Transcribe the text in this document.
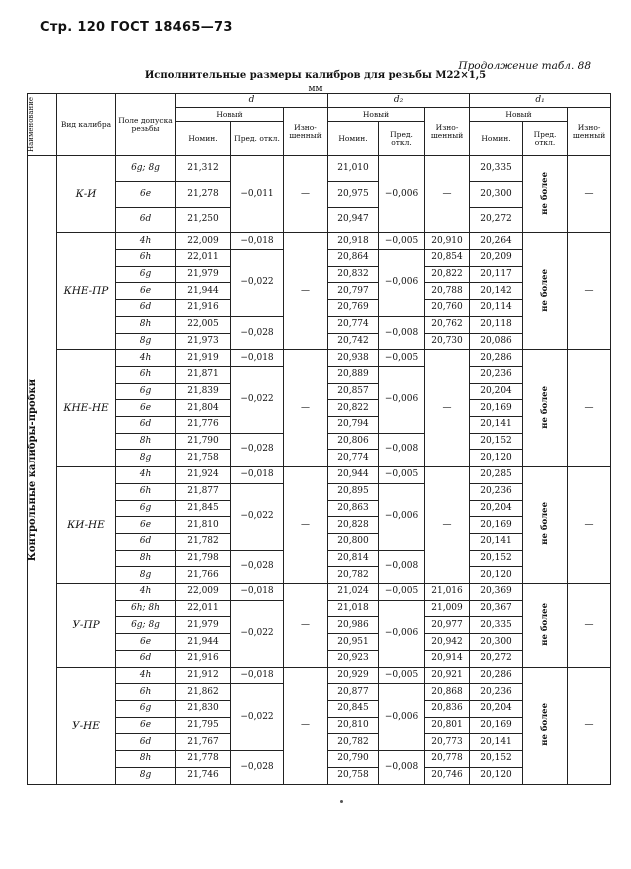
Стр. 120 ГОСТ 18465—73
Продолжение табл. 88
Исполнительные размеры калибров для резьбы М22×1,5
мм
Наименование	Вид калибра	Поле допуска резьбы	d			d₂			d₁		
			Новый		Изно- шенный	Новый		Изно- шенный	Новый		Изно- шенный
			Номин.	Пред. откл.		Номин.	Пред. откл.		Номин.	Пред. откл.	

Контрольные калибры-пробки	К-И	6g; 8g	21,312	−0,011	—	21,010	−0,006	—	20,335	не более	—
		6e	21,278			20,975			20,300		
		6d	21,250			20,947			20,272		
	КНЕ-ПР	4h	22,009	−0,018	—	20,918	−0,005	20,910	20,264	не более	—
		6h	22,011	−0,022		20,864	−0,006	20,854	20,209		
		6g	21,979			20,832		20,822	20,117		
		6e	21,944			20,797		20,788	20,142		
		6d	21,916			20,769		20,760	20,114		
		8h	22,005	−0,028		20,774	−0,008	20,762	20,118		
		8g	21,973			20,742		20,730	20,086		
	КНЕ-НЕ	4h	21,919	−0,018	—	20,938	−0,005	—	20,286	не более	—
		6h	21,871	−0,022		20,889	−0,006		20,236		
		6g	21,839			20,857			20,204		
		6e	21,804			20,822			20,169		
		6d	21,776			20,794			20,141		
		8h	21,790	−0,028		20,806	−0,008		20,152		
		8g	21,758			20,774			20,120		
	КИ-НЕ	4h	21,924	−0,018	—	20,944	−0,005	—	20,285	не более	—
		6h	21,877	−0,022		20,895	−0,006		20,236		
		6g	21,845			20,863			20,204		
		6e	21,810			20,828			20,169		
		6d	21,782			20,800			20,141		
		8h	21,798	−0,028		20,814	−0,008		20,152		
		8g	21,766			20,782			20,120		
	У-ПР	4h	22,009	−0,018	—	21,024	−0,005	21,016	20,369	не более	—
		6h; 8h	22,011	−0,022		21,018	−0,006	21,009	20,367		
		6g; 8g	21,979			20,986		20,977	20,335		
		6e	21,944			20,951		20,942	20,300		
		6d	21,916			20,923		20,914	20,272		
	У-НЕ	4h	21,912	−0,018	—	20,929	−0,005	20,921	20,286	не более	—
		6h	21,862	−0,022		20,877	−0,006	20,868	20,236		
		6g	21,830			20,845		20,836	20,204		
		6e	21,795			20,810		20,801	20,169		
		6d	21,767			20,782		20,773	20,141		
		8h	21,778	−0,028		20,790	−0,008	20,778	20,152		
		8g	21,746			20,758		20,746	20,120		
